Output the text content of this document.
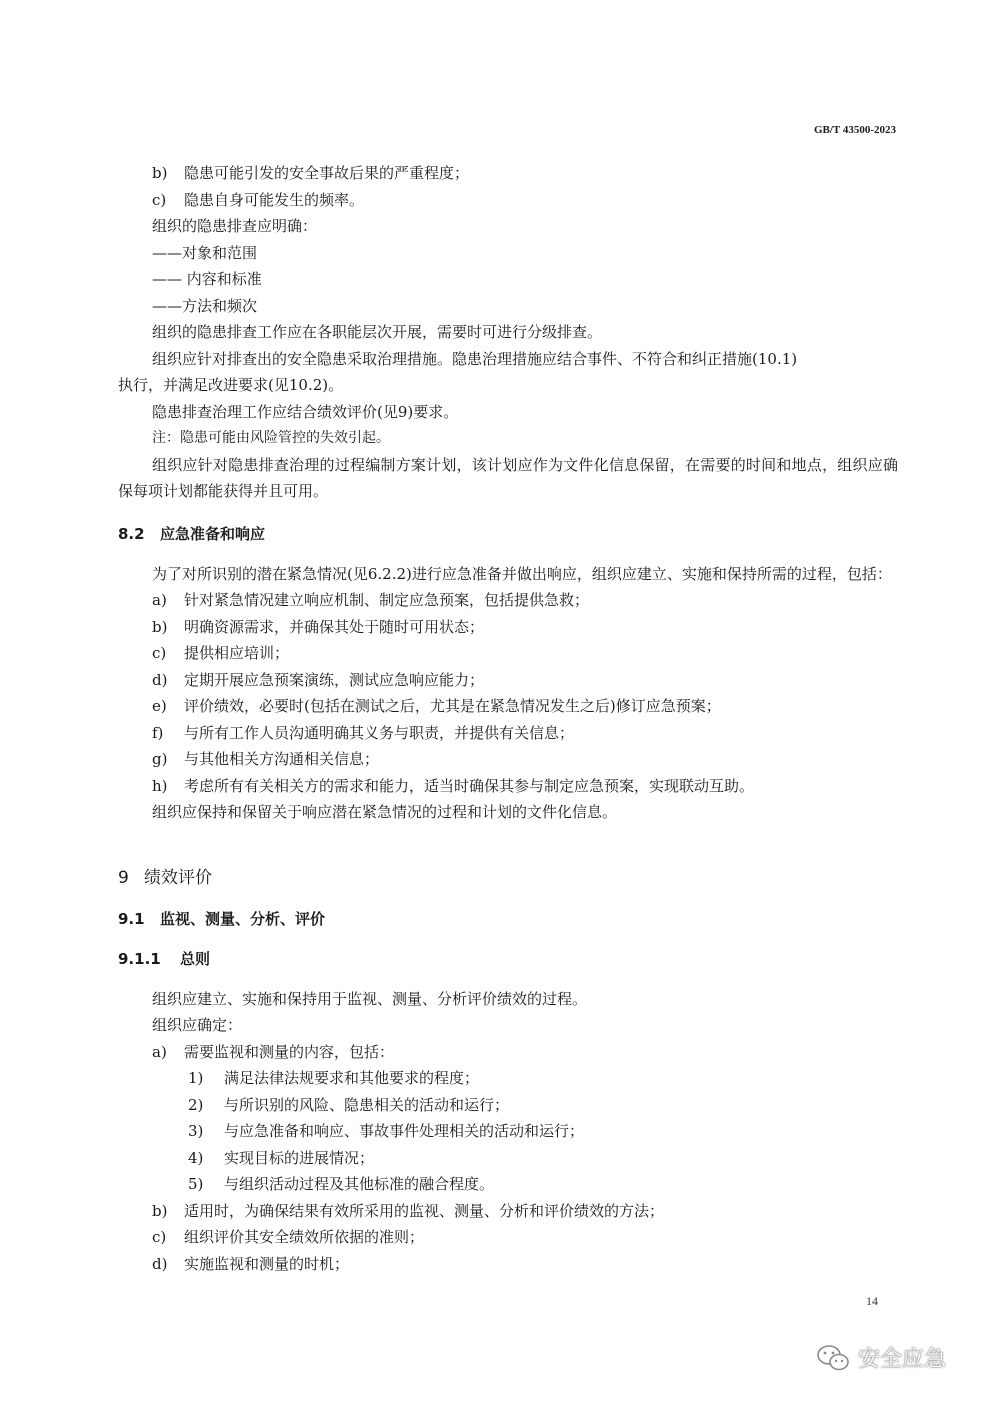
GB/T 43500-2023
b) 隐患可能引发的安全事故后果的严重程度；
c) 隐患自身可能发生的频率。
组织的隐患排查应明确：
——对象和范围
—— 内容和标准
——方法和频次
组织的隐患排查工作应在各职能层次开展，需要时可进行分级排查。
组织应针对排查出的安全隐患采取治理措施。隐患治理措施应结合事件、不符合和纠正措施(10.1)
执行，并满足改进要求(见10.2)。
隐患排查治理工作应结合绩效评价(见9)要求。
注：隐患可能由风险管控的失效引起。
组织应针对隐患排查治理的过程编制方案计划，该计划应作为文件化信息保留，在需要的时间和地点，组织应确保每项计划都能获得并且可用。
8.2 应急准备和响应
为了对所识别的潜在紧急情况(见6.2.2)进行应急准备并做出响应，组织应建立、实施和保持所需的过程，包括：
a) 针对紧急情况建立响应机制、制定应急预案，包括提供急救；
b) 明确资源需求，并确保其处于随时可用状态；
c) 提供相应培训；
d) 定期开展应急预案演练，测试应急响应能力；
e) 评价绩效，必要时(包括在测试之后，尤其是在紧急情况发生之后)修订应急预案；
f) 与所有工作人员沟通明确其义务与职责，并提供有关信息；
g) 与其他相关方沟通相关信息；
h) 考虑所有有关相关方的需求和能力，适当时确保其参与制定应急预案，实现联动互助。
组织应保持和保留关于响应潜在紧急情况的过程和计划的文件化信息。
9 绩效评价
9.1 监视、测量、分析、评价
9.1.1 总则
组织应建立、实施和保持用于监视、测量、分析评价绩效的过程。
组织应确定：
a) 需要监视和测量的内容，包括：
1) 满足法律法规要求和其他要求的程度；
2) 与所识别的风险、隐患相关的活动和运行；
3) 与应急准备和响应、事故事件处理相关的活动和运行；
4) 实现目标的进展情况；
5) 与组织活动过程及其他标准的融合程度。
b) 适用时，为确保结果有效所采用的监视、测量、分析和评价绩效的方法；
c) 组织评价其安全绩效所依据的准则；
d) 实施监视和测量的时机；
14
安全应急
